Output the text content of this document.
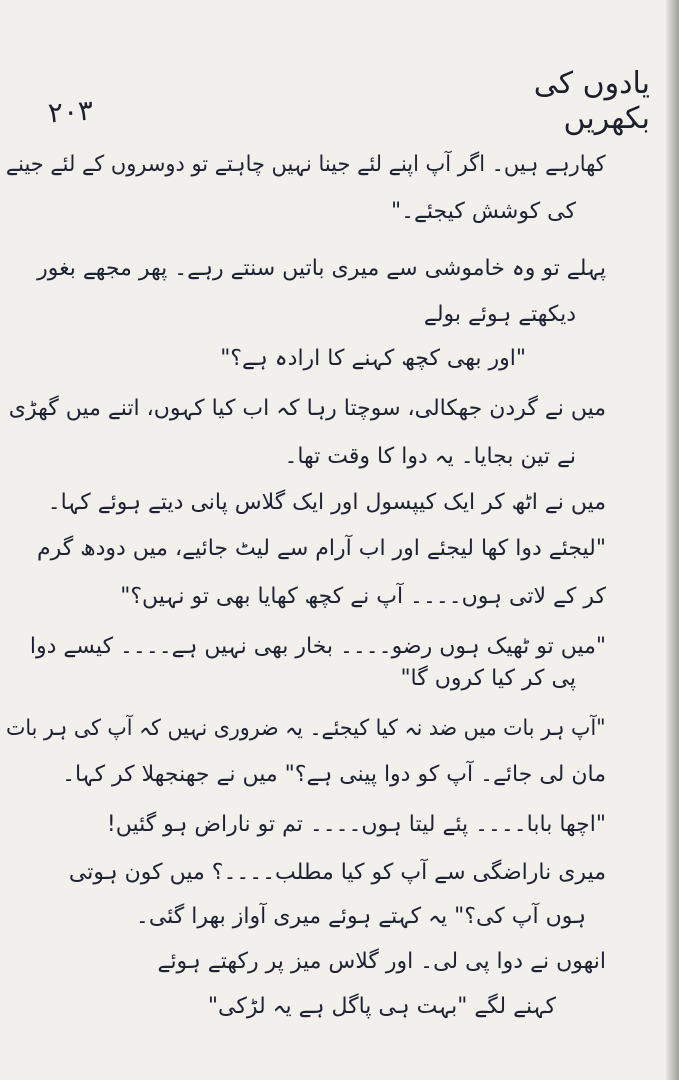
۲۰۳
یادوں کی بکھریں
کھارہے ہیں۔ اگر آپ اپنے لئے جینا نہیں چاہتے تو دوسروں کے لئے جینے
کی کوشش کیجئے۔"
پہلے تو وہ خاموشی سے میری باتیں سنتے رہے۔ پھر مجھے بغور
دیکھتے ہوئے بولے
"اور بھی کچھ کہنے کا ارادہ ہے؟"
میں نے گردن جھکالی، سوچتا رہا کہ اب کیا کہوں، اتنے میں گھڑی
نے تین بجایا۔ یہ دوا کا وقت تھا۔
میں نے اٹھ کر ایک کیپسول اور ایک گلاس پانی دیتے ہوئے کہا۔
"لیجئے دوا کھا لیجئے اور اب آرام سے لیٹ جائیے، میں دودھ گرم
کر کے لاتی ہوں۔۔۔۔ آپ نے کچھ کھایا بھی تو نہیں؟"
"میں تو ٹھیک ہوں رضو۔۔۔۔ بخار بھی نہیں ہے۔۔۔۔ کیسے دوا
پی کر کیا کروں گا"
"آپ ہر بات میں ضد نہ کیا کیجئے۔ یہ ضروری نہیں کہ آپ کی ہر بات
مان لی جائے۔ آپ کو دوا پینی ہے؟" میں نے جھنجھلا کر کہا۔
"اچھا بابا۔۔۔۔ پئے لیتا ہوں۔۔۔۔ تم تو ناراض ہو گئیں!
میری ناراضگی سے آپ کو کیا مطلب۔۔۔۔؟ میں کون ہوتی
ہوں آپ کی؟" یہ کہتے ہوئے میری آواز بھرا گئی۔
انھوں نے دوا پی لی۔ اور گلاس میز پر رکھتے ہوئے
کہنے لگے "بہت ہی پاگل ہے یہ لڑکی"
